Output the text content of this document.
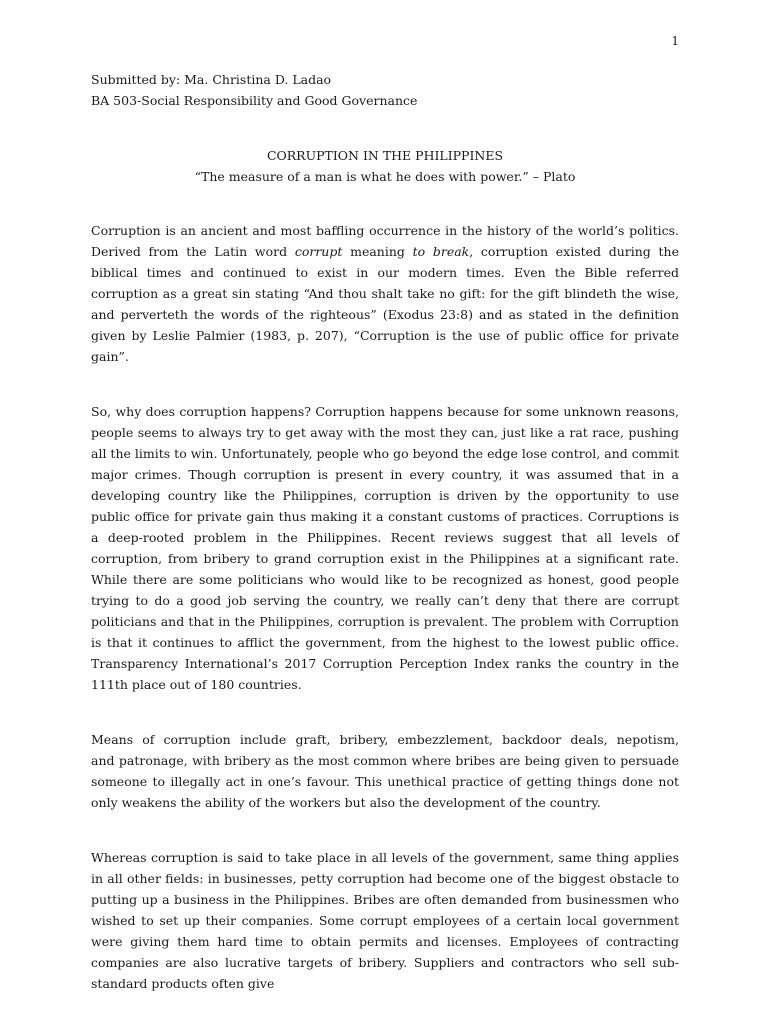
1
Submitted by: Ma. Christina D. Ladao
BA 503-Social Responsibility and Good Governance
CORRUPTION IN THE PHILIPPINES
“The measure of a man is what he does with power.” – Plato

Corruption is an ancient and most baffling occurrence in the history of the world’s politics. Derived from the Latin word corrupt meaning to break, corruption existed during the biblical times and continued to exist in our modern times. Even the Bible referred corruption as a great sin stating “And thou shalt take no gift: for the gift blindeth the wise, and perverteth the words of the righteous” (Exodus 23:8) and as stated in the definition given by Leslie Palmier (1983, p. 207), “Corruption is the use of public office for private gain”.

So, why does corruption happens? Corruption happens because for some unknown reasons, people seems to always try to get away with the most they can, just like a rat race, pushing all the limits to win. Unfortunately, people who go beyond the edge lose control, and commit major crimes. Though corruption is present in every country, it was assumed that in a developing country like the Philippines, corruption is driven by the opportunity to use public office for private gain thus making it a constant customs of practices. Corruptions is a deep-rooted problem in the Philippines. Recent reviews suggest that all levels of corruption, from bribery to grand corruption exist in the Philippines at a significant rate. While there are some politicians who would like to be recognized as honest, good people trying to do a good job serving the country, we really can’t deny that there are corrupt politicians and that in the Philippines, corruption is prevalent. The problem with Corruption is that it continues to afflict the government, from the highest to the lowest public office. Transparency International’s 2017 Corruption Perception Index ranks the country in the 111th place out of 180 countries.

Means of corruption include graft, bribery, embezzlement, backdoor deals, nepotism,
and patronage, with bribery as the most common where bribes are being given to persuade someone to illegally act in one’s favour. This unethical practice of getting things done not only weakens the ability of the workers but also the development of the country.

Whereas corruption is said to take place in all levels of the government, same thing applies in all other fields: in businesses, petty corruption had become one of the biggest obstacle to putting up a business in the Philippines. Bribes are often demanded from businessmen who wished to set up their companies. Some corrupt employees of a certain local government were giving them hard time to obtain permits and licenses. Employees of contracting companies are also lucrative targets of bribery. Suppliers and contractors who sell sub-standard products often give
